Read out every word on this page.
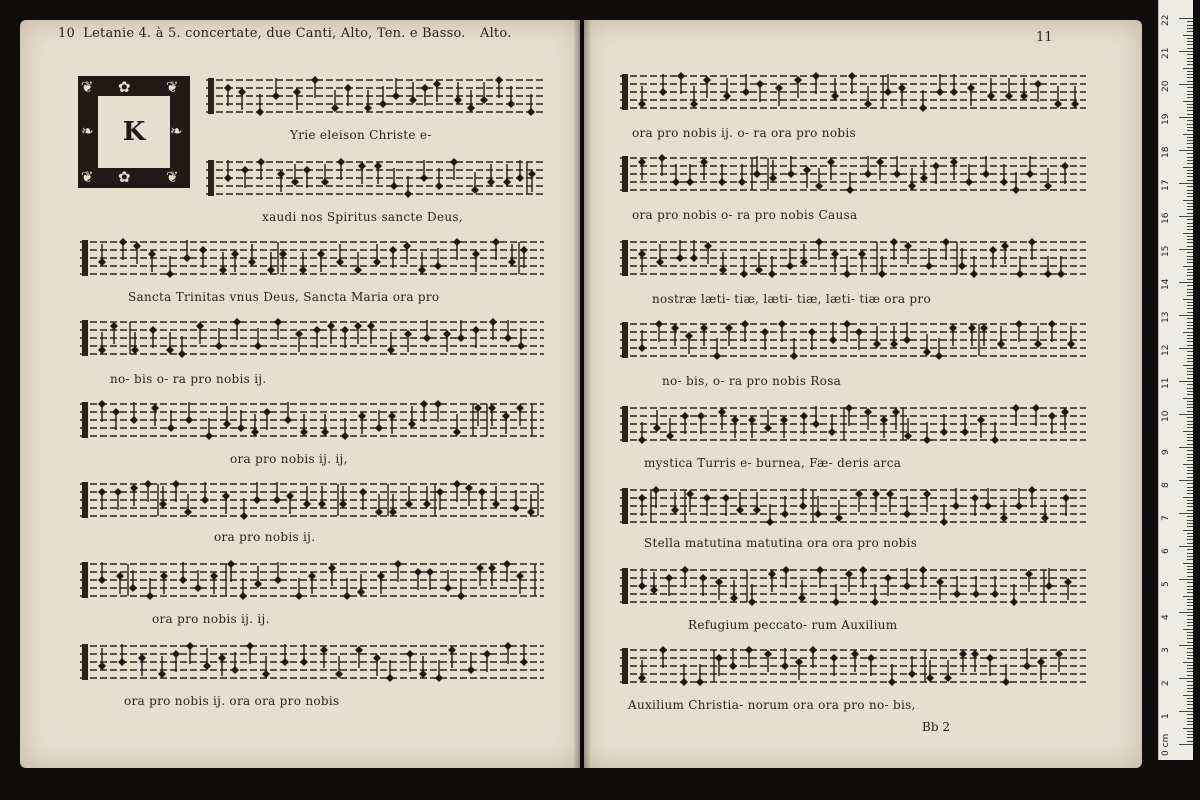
10 Letanie 4. à 5. concertate, due Canti, Alto, Ten. e Basso. Alto.	11
❦ ✿ ❦
❧	❧
❦ ✿ ❦
K	Yrie eleison Christe e-
xaudi nos Spiritus sancte Deus,
Sancta Trinitas vnus Deus, Sancta Maria ora pro
no- bis o- ra pro nobis ij.
ora pro nobis ij. ij,
ora pro nobis ij.
ora pro nobis ij. ij.
ora pro nobis ij. ora ora pro nobis
ora pro nobis ij. o- ra ora pro nobis
ora pro nobis o- ra pro nobis Causa
nostræ læti- tiæ, læti- tiæ, læti- tiæ ora pro
no- bis, o- ra pro nobis Rosa
mystica Turris e- burnea, Fæ- deris arca
Stella matutina matutina ora ora pro nobis
Refugium peccato- rum Auxilium
Auxilium Christia- norum ora ora pro no- bis,
Bb 2
0 cm
1
2
3
4
5
6
7
8
9
10
11
12
13
14
15
16
17
18
19
20
21
22
